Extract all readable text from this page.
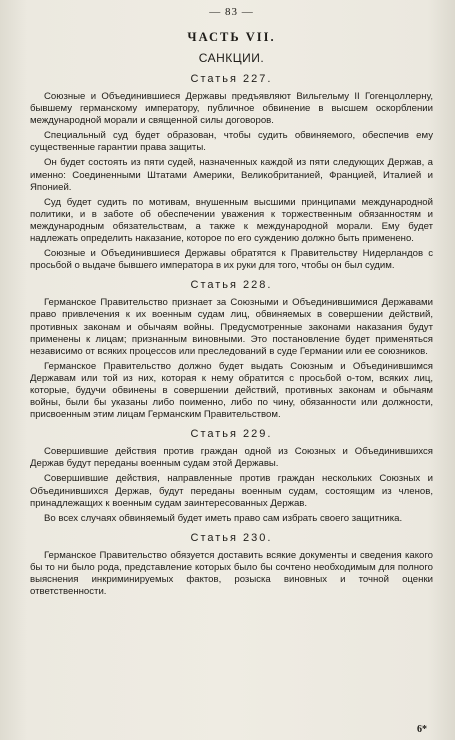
— 83 —
ЧАСТЬ VII.
САНКЦИИ.
Статья 227.

Союзные и Объединившиеся Державы предъявляют Вильгельму II Гогенцоллерну, бывшему германскому императору, публичное обвинение в высшем оскорблении международной морали и священной силы договоров.

Специальный суд будет образован, чтобы судить обвиняемого, обеспечив ему существенные гарантии права защиты.

Он будет состоять из пяти судей, назначенных каждой из пяти следующих Держав, а именно: Соединенными Штатами Америки, Великобританией, Францией, Италией и Японией.

Суд будет судить по мотивам, внушенным высшими принципами международной политики, и в заботе об обеспечении уважения к торжественным обязанностям и международным обязательствам, а также к международной морали. Ему будет надлежать определить наказание, которое по его суждению должно быть применено.

Союзные и Объединившиеся Державы обратятся к Правительству Нидерландов с просьбой о выдаче бывшего императора в их руки для того, чтобы он был судим.

Статья 228.

Германское Правительство признает за Союзными и Объединившимися Державами право привлечения к их военным судам лиц, обвиняемых в совершении действий, противных законам и обычаям войны. Предусмотренные законами наказания будут применены к лицам; признанным виновными. Это постановление будет применяться независимо от всяких процессов или преследований в суде Германии или ее союзников.

Германское Правительство должно будет выдать Союзным и Объединившимся Державам или той из них, которая к нему обратится с просьбой о-том, всяких лиц, которые, будучи обвинены в совершении действий, противных законам и обычаям войны, были бы указаны либо поименно, либо по чину, обязанности или должности, присвоенным этим лицам Германским Правительством.

Статья 229.

Совершившие действия против граждан одной из Союзных и Объединившихся Держав будут переданы военным судам этой Державы.

Совершившие действия, направленные против граждан нескольких Союзных и Объединившихся Держав, будут переданы военным судам, состоящим из членов, принадлежащих к военным судам заинтересованных Держав.

Во всех случаях обвиняемый будет иметь право сам избрать своего защитника.

Статья 230.

Германское Правительство обязуется доставить всякие документы и сведения какого бы то ни было рода, представление которых было бы сочтено необходимым для полного выяснения инкриминируемых фактов, розыска виновных и точной оценки ответственности.

6*
